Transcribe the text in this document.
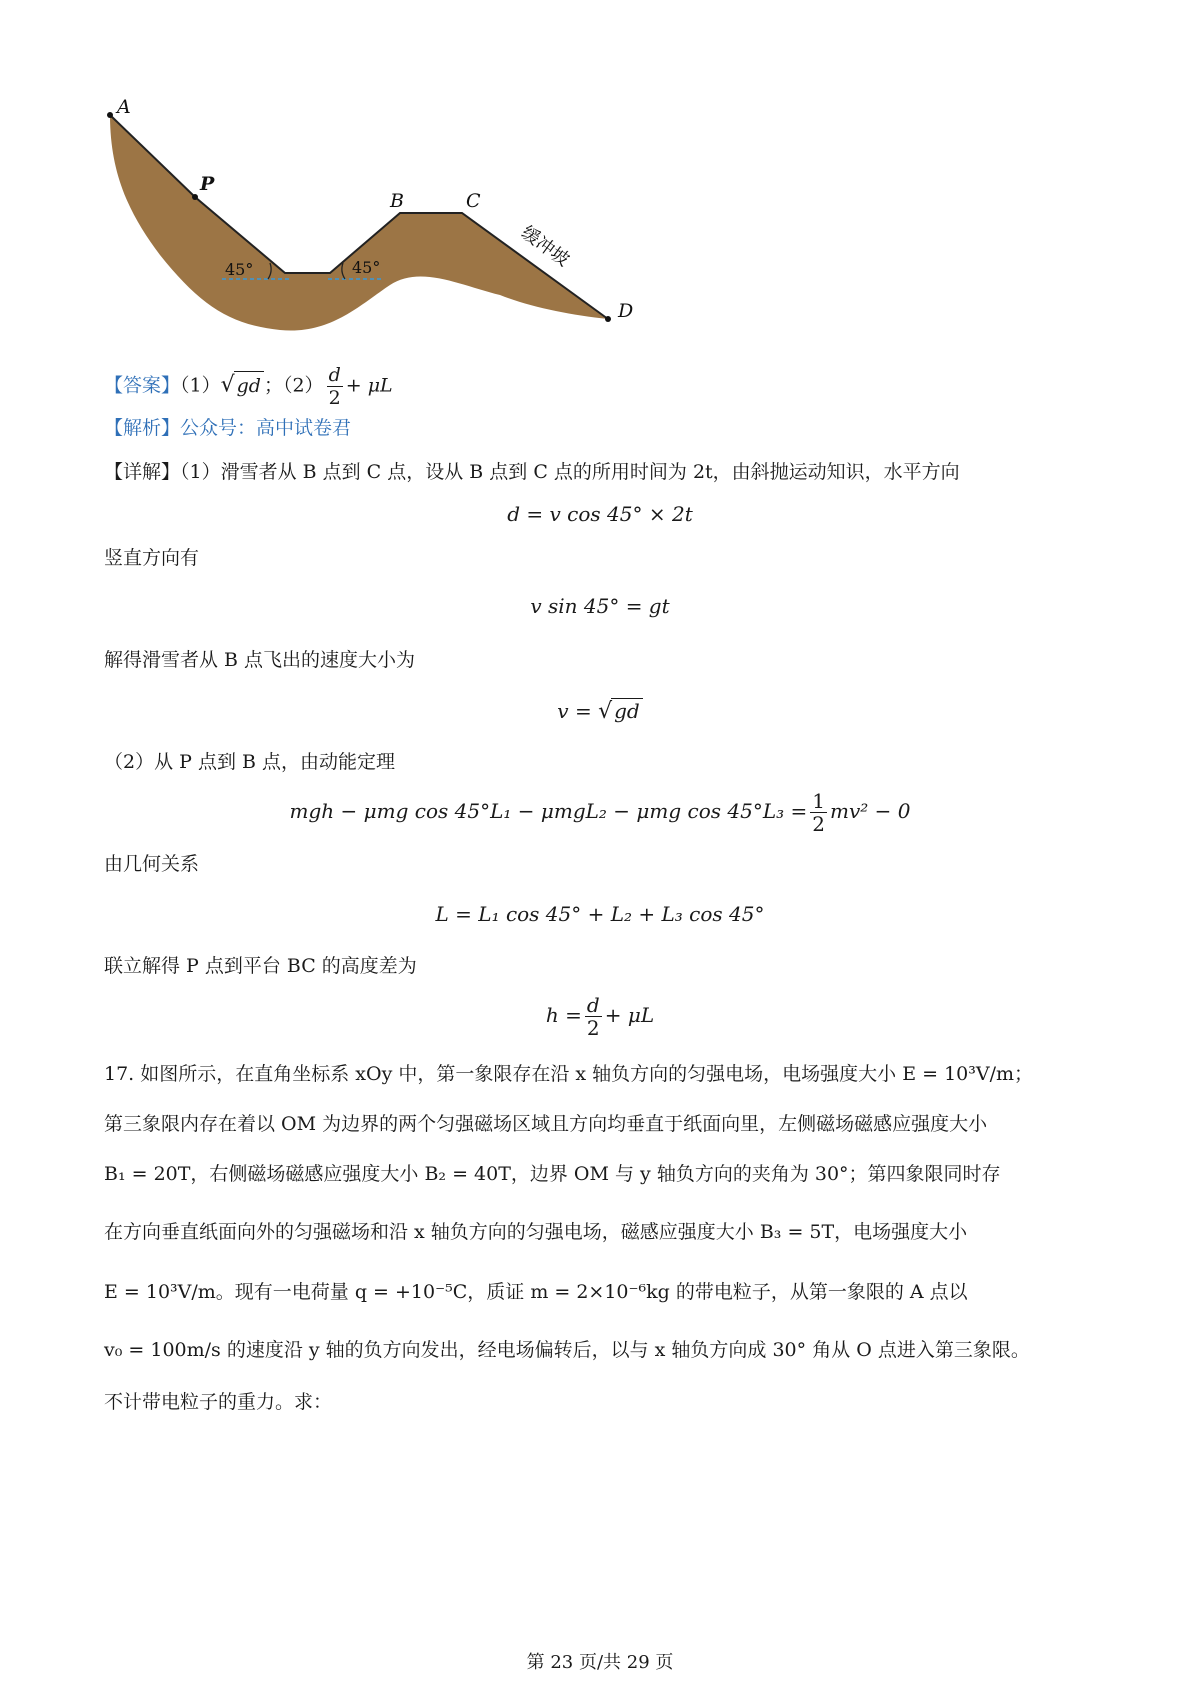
A
P
B	C
D
45°	45°	缓冲坡
【答案】（1）√ gd ；$(2) \frac{d}{2} + \mu L$
【解析】公众号：高中试卷君
【详解】（1）滑雪者从 B 点到 C 点，设从 B 点到 C 点的所用时间为 2t，由斜抛运动知识，水平方向
d = v cos 45° × 2t
竖直方向有
v sin 45° = gt
解得滑雪者从 B 点飞出的速度大小为
v = √ gd
（2）从 P 点到 B 点，由动能定理
mgh − μmg cos 45°L₁ − μmgL₂ − μmg $\cos 45^\circ L_3 = \frac{1}{2} mv^2 - 0$
由几何关系
L = L₁ cos 45° + L₂ + L₃ cos 45°
联立解得 P 点到平台 BC 的高度差为
$h = \frac{d}{2} + \mu L$
17. 如图所示，在直角坐标系 xOy 中，第一象限存在沿 x 轴负方向的匀强电场，电场强度大小 E = 10³V/m；
第三象限内存在着以 OM 为边界的两个匀强磁场区域且方向均垂直于纸面向里，左侧磁场磁感应强度大小
B₁ = 20T，右侧磁场磁感应强度大小 B₂ = 40T，边界 OM 与 y 轴负方向的夹角为 30°；第四象限同时存
在方向垂直纸面向外的匀强磁场和沿 x 轴负方向的匀强电场，磁感应强度大小 B₃ = 5T，电场强度大小
E = 10³V/m。现有一电荷量 q = +10⁻⁵C，质证 m = 2×10⁻⁶kg 的带电粒子，从第一象限的 A 点以
v₀ = 100m/s 的速度沿 y 轴的负方向发出，经电场偏转后，以与 x 轴负方向成 30° 角从 O 点进入第三象限。
不计带电粒子的重力。求：
第 23 页/共 29 页
